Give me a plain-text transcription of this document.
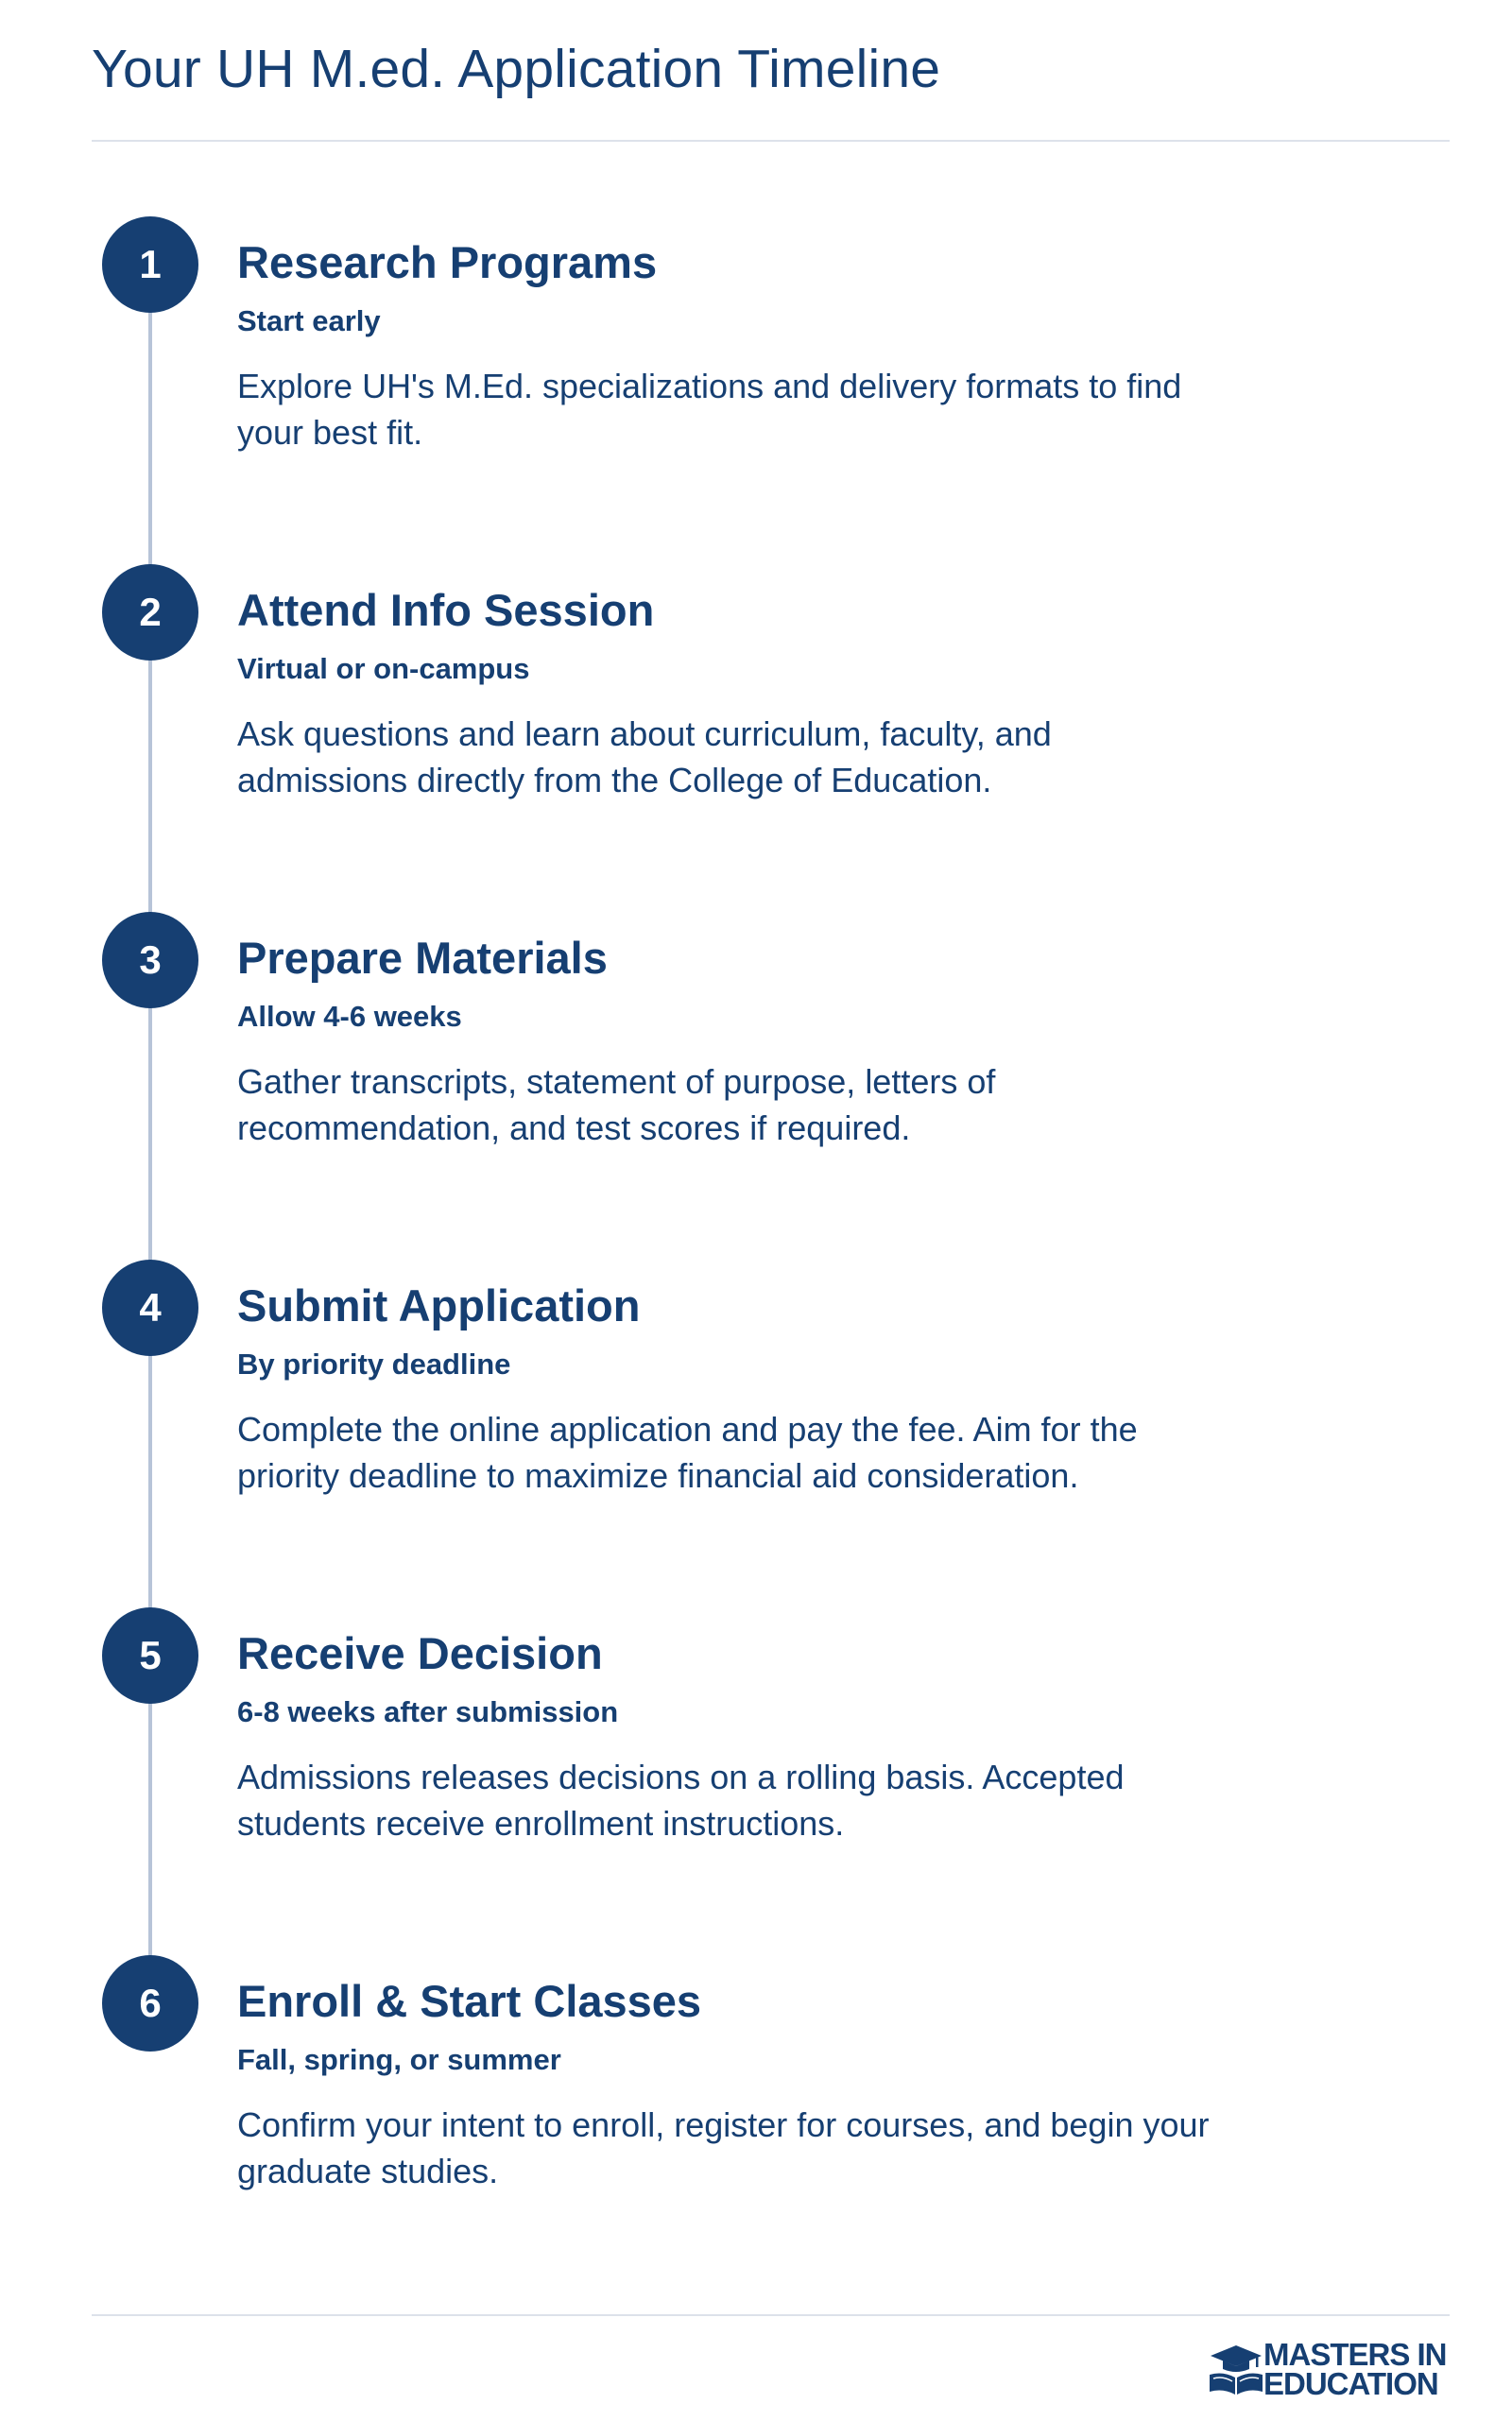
Your UH M.ed. Application Timeline
1	Research Programs
Start early

Explore UH's M.Ed. specializations and delivery formats to find your best fit.

2	Attend Info Session
Virtual or on-campus

Ask questions and learn about curriculum, faculty, and admissions directly from the College of Education.

3	Prepare Materials
Allow 4-6 weeks

Gather transcripts, statement of purpose, letters of recommendation, and test scores if required.

4	Submit Application
By priority deadline

Complete the online application and pay the fee. Aim for the priority deadline to maximize financial aid consideration.

5	Receive Decision
6-8 weeks after submission

Admissions releases decisions on a rolling basis. Accepted students receive enrollment instructions.

6	Enroll & Start Classes
Fall, spring, or summer

Confirm your intent to enroll, register for courses, and begin your graduate studies.

MASTERS IN
EDUCATION
